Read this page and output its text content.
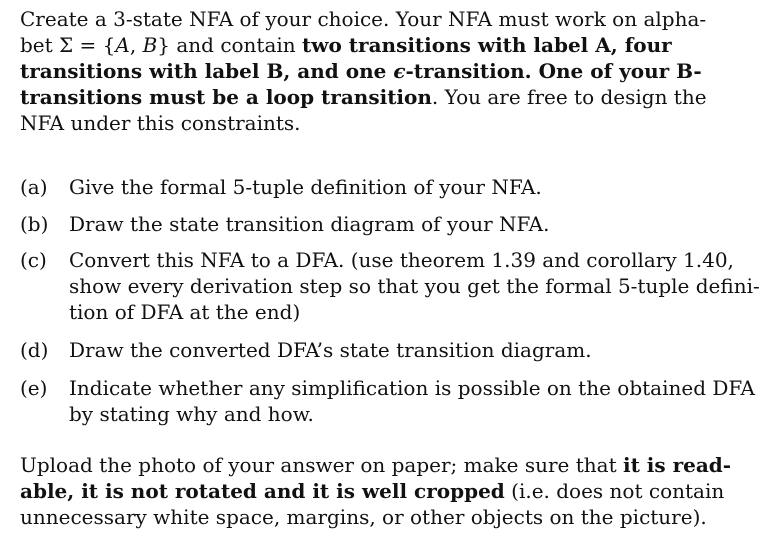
Create a 3-state NFA of your choice. Your NFA must work on alpha-
bet Σ = {A, B} and contain two transitions with label A, four
transitions with label B, and one ϵ-transition. One of your B-
transitions must be a loop transition. You are free to design the
NFA under this constraints.
(a) Give the formal 5-tuple definition of your NFA.
(b) Draw the state transition diagram of your NFA.
(c) Convert this NFA to a DFA. (use theorem 1.39 and corollary 1.40,
show every derivation step so that you get the formal 5-tuple defini-
tion of DFA at the end)
(d) Draw the converted DFA’s state transition diagram.
(e) Indicate whether any simplification is possible on the obtained DFA
by stating why and how.
Upload the photo of your answer on paper; make sure that it is read-
able, it is not rotated and it is well cropped (i.e. does not contain
unnecessary white space, margins, or other objects on the picture).
